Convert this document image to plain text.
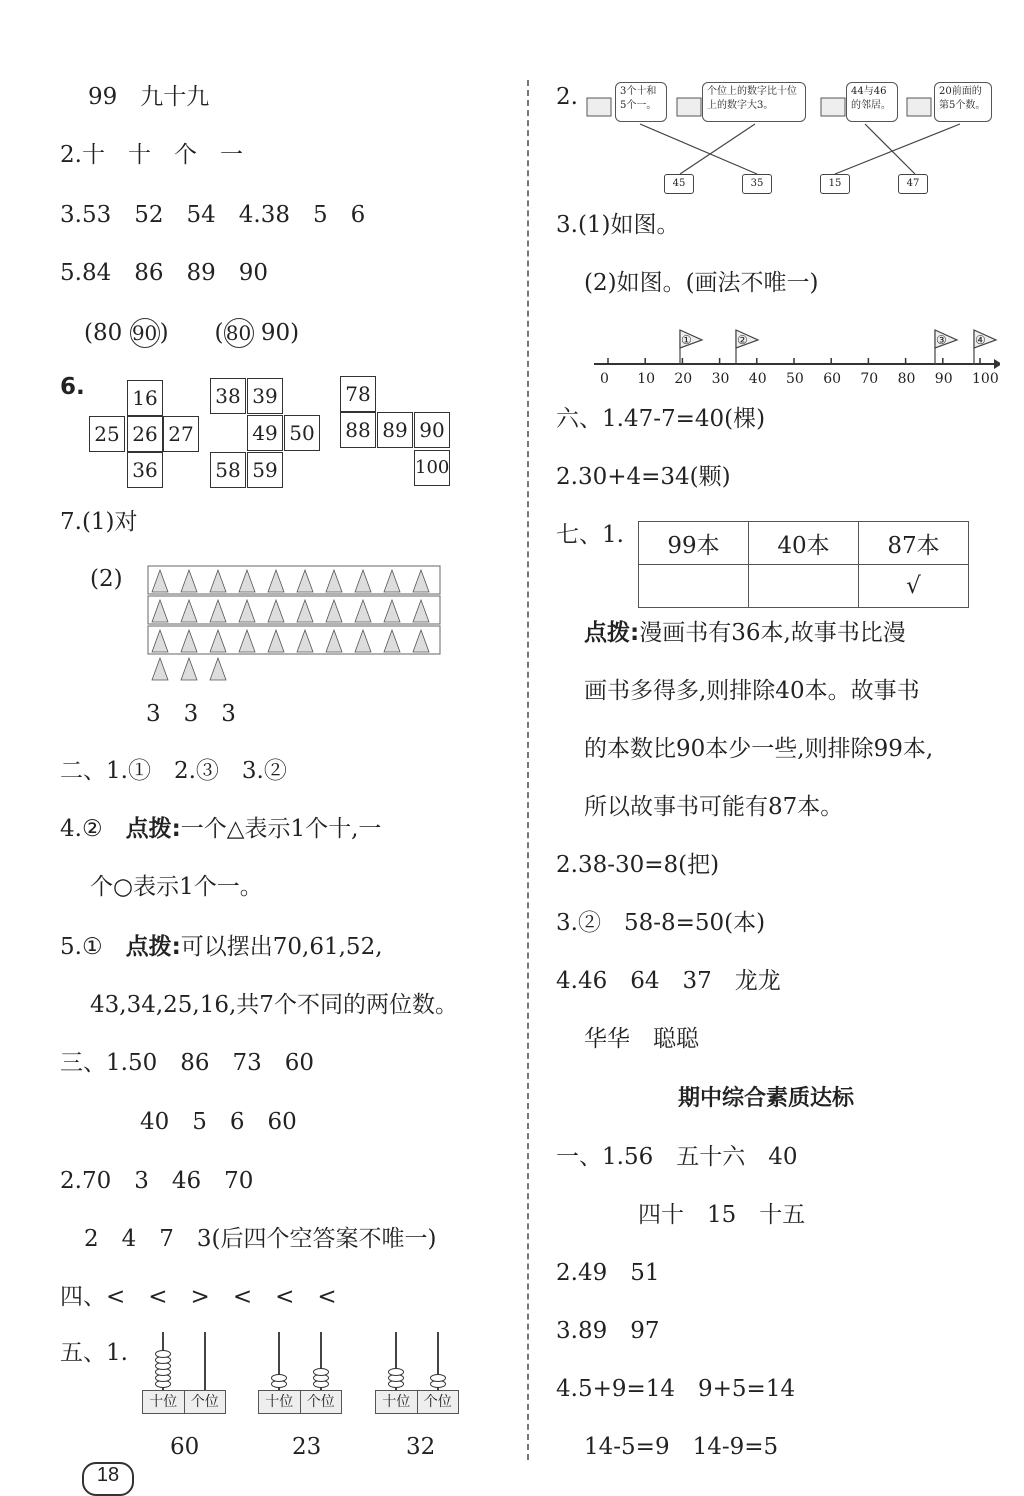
99　九十九
2.十　十　个　一
3.53　52　54　4.38　5　6
5.84　86　89　90
(80 90)　　( 80 90)
6. 16
25 26 27
36
38 39
49 50
58 59
78
88 89 90
100
7.(1)对
(2)
3　3　3
二、1.①　2.③　3.②
4.②　点拨:一个△表示1个十,一
个○表示1个一。
5.①　点拨:可以摆出70,61,52,
43,34,25,16,共7个不同的两位数。
三、1.50　86　73　60
40　5　6　60
2.70　3　46　70
2　4　7　3(后四个空答案不唯一)
四、<　<　>　<　<　<
五、1.
十位 个位	十位 个位	十位 个位
60	23	32
18
2.	3个十和5个一。
个位上的数字比十位上的数字大3。
44与46的邻居。
20前面的第5个数。
45	35	15	47
3.(1)如图。
(2)如图。(画法不唯一)
①	②	③ ④
0 10 20 30 40 50 60 70 80 90 100
六、1.47-7=40(棵)
2.30+4=34(颗)
七、1. 99本	40本	87本
		√
点拨:漫画书有36本,故事书比漫
画书多得多,则排除40本。故事书
的本数比90本少一些,则排除99本,
所以故事书可能有87本。
2.38-30=8(把)
3.②　58-8=50(本)
4.46　64　37　龙龙
华华　聪聪
期中综合素质达标
一、1.56　五十六　40
四十　15　十五
2.49　51
3.89　97
4.5+9=14　9+5=14
14-5=9　14-9=5
